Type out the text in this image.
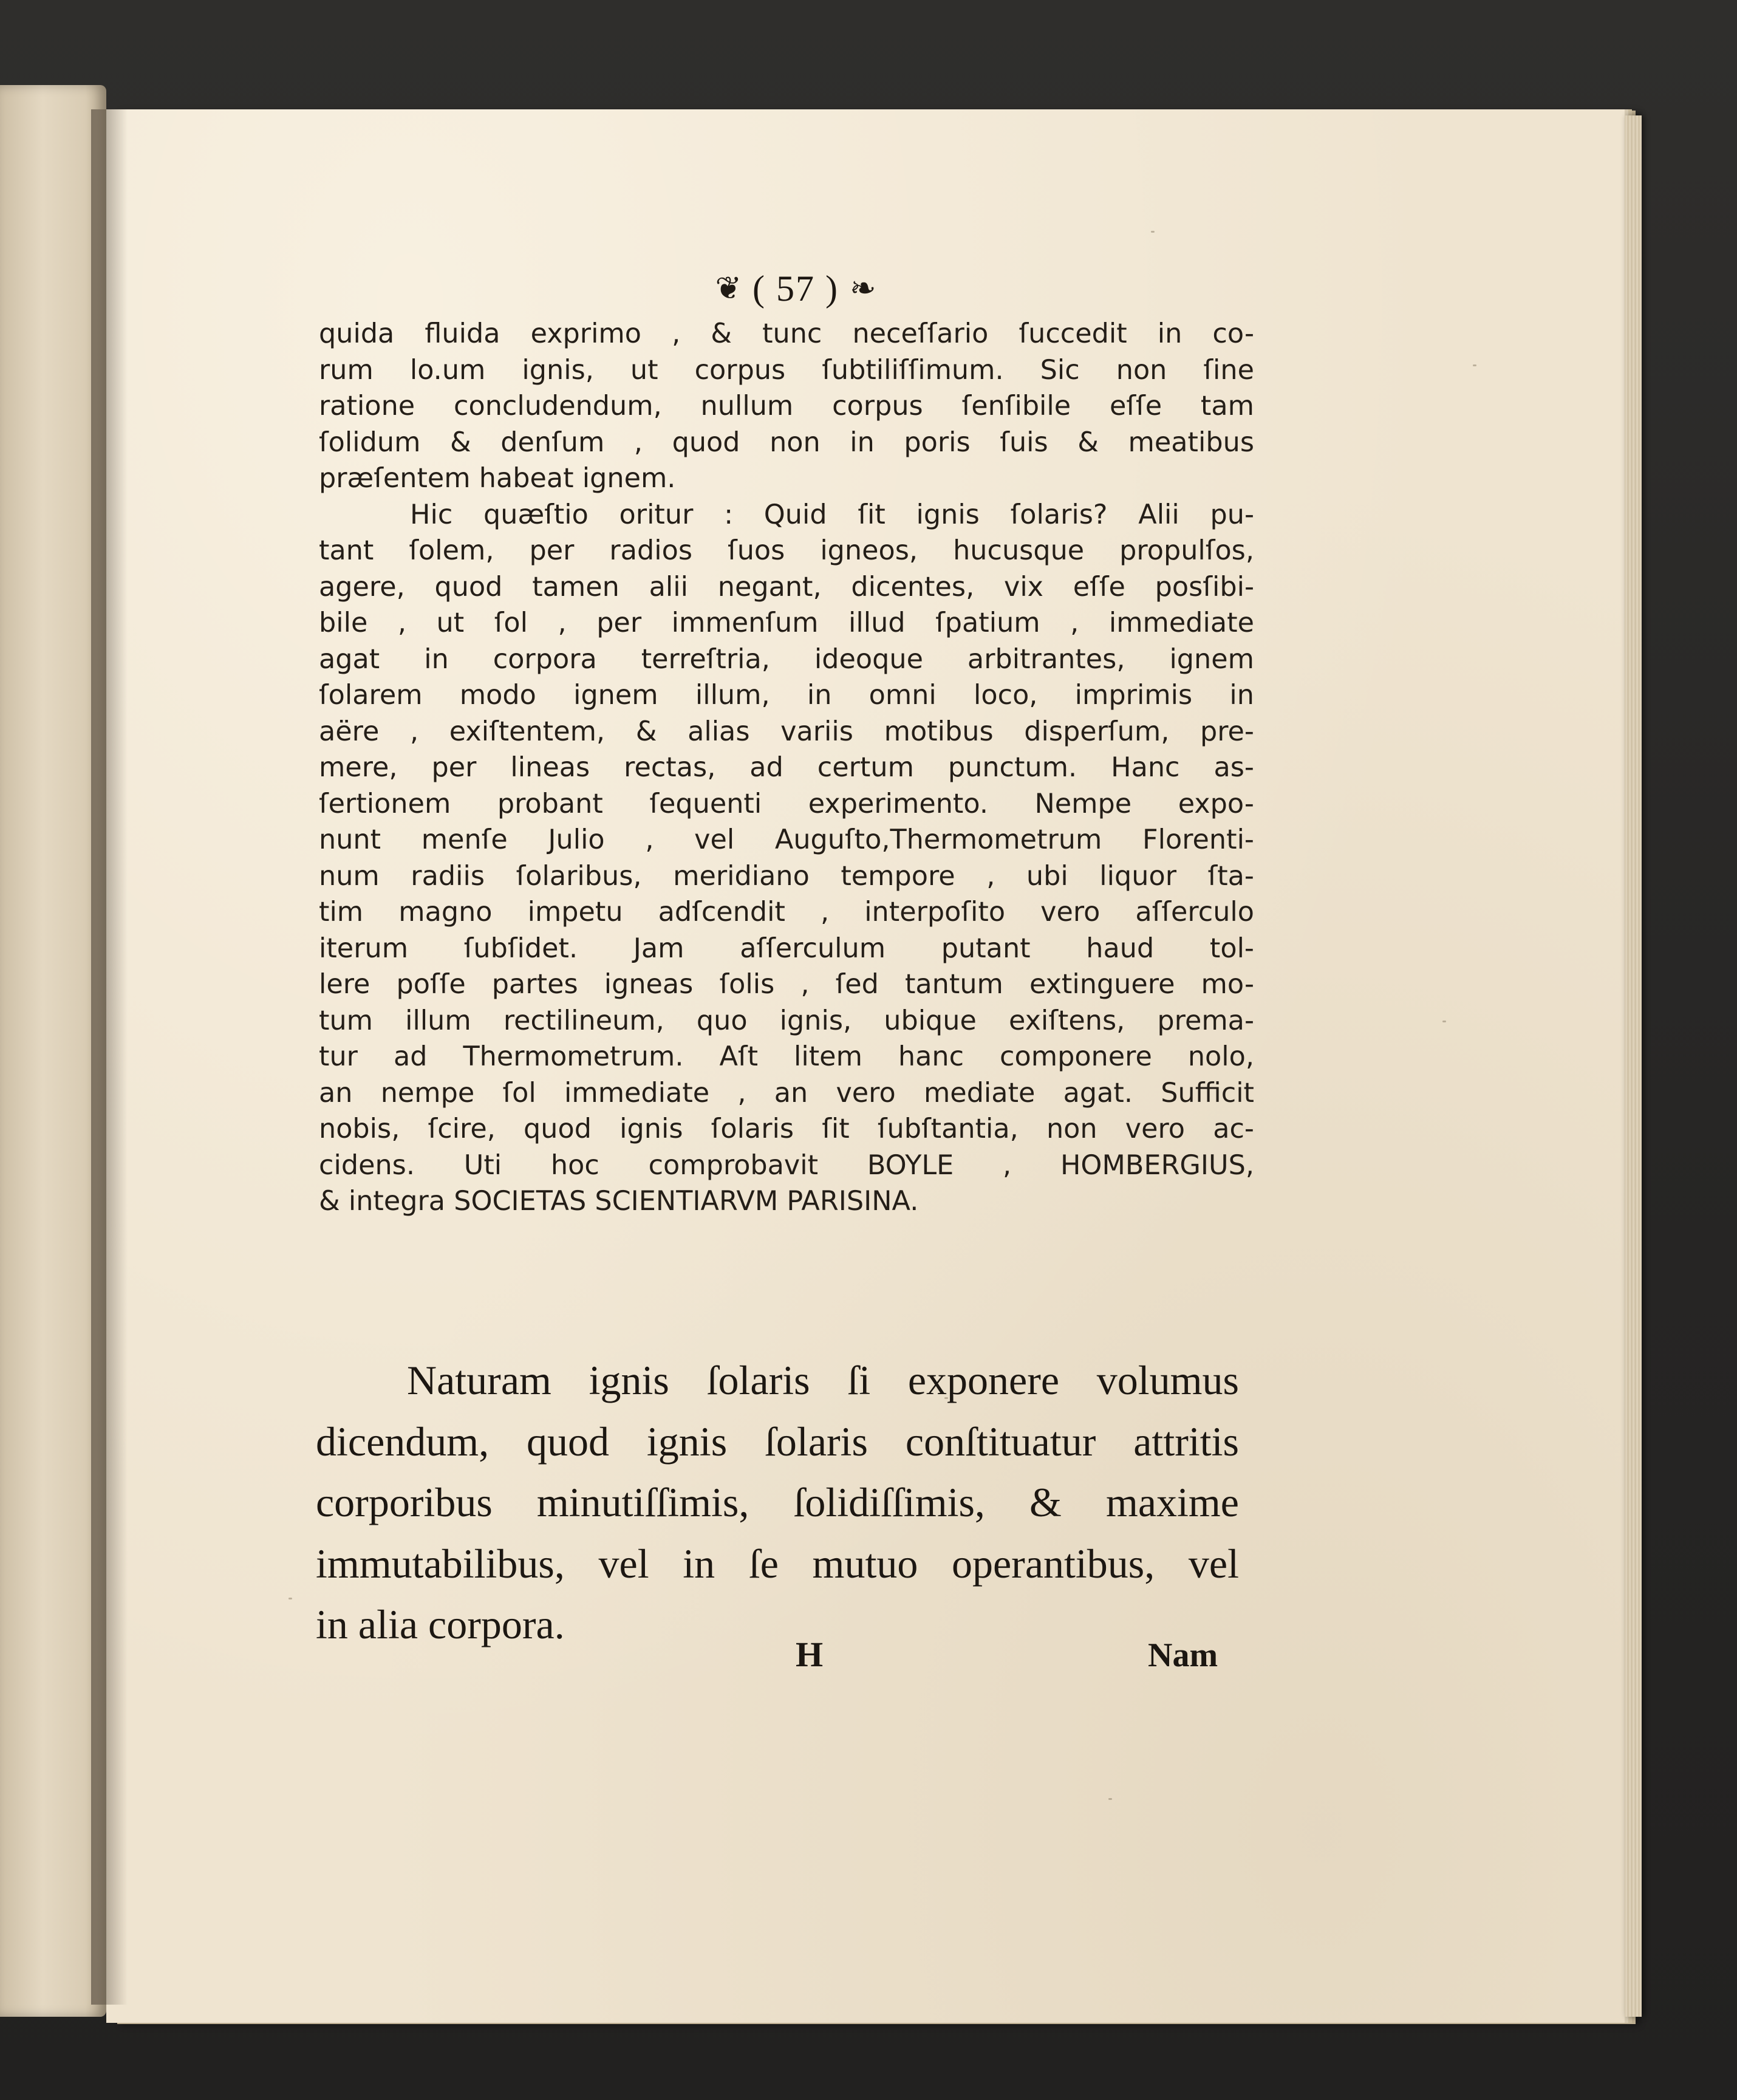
❦ ( 57 ) ❧
quida fluida exprimo , & tunc neceſſario ſuccedit in co-
rum lo.um ignis, ut corpus ſubtiliſſimum. Sic non ſine
ratione concludendum, nullum corpus ſenſibile eſſe tam
ſolidum & denſum , quod non in poris ſuis & meatibus
præſentem habeat ignem.
Hic quæſtio oritur : Quid ſit ignis ſolaris? Alii pu-
tant ſolem, per radios ſuos igneos, hucusque propulſos,
agere, quod tamen alii negant, dicentes, vix eſſe posſibi-
bile , ut ſol , per immenſum illud ſpatium , immediate
agat in corpora terreſtria, ideoque arbitrantes, ignem
ſolarem modo ignem illum, in omni loco, imprimis in
aëre , exiſtentem, & alias variis motibus disperſum, pre-
mere, per lineas rectas, ad certum punctum. Hanc as-
ſertionem probant ſequenti experimento. Nempe expo-
nunt menſe Julio , vel Auguſto,Thermometrum Florenti-
num radiis ſolaribus, meridiano tempore , ubi liquor ſta-
tim magno impetu adſcendit , interpoſito vero aſſerculo
iterum ſubſidet. Jam aſſerculum putant haud tol-
lere poſſe partes igneas ſolis , ſed tantum extinguere mo-
tum illum rectilineum, quo ignis, ubique exiſtens, prema-
tur ad Thermometrum. Aſt litem hanc componere nolo,
an nempe ſol immediate , an vero mediate agat. Sufficit
nobis, ſcire, quod ignis ſolaris ſit ſubſtantia, non vero ac-
cidens. Uti hoc comprobavit BOYLE , HOMBERGIUS,
& integra SOCIETAS SCIENTIARVM PARISINA.
Naturam ignis ſolaris ſi exponere volumus
dicendum, quod ignis ſolaris conſtituatur attritis
corporibus minutiſſimis, ſolidiſſimis, & maxime
immutabilibus, vel in ſe mutuo operantibus, vel
in alia corpora.
H	Nam
